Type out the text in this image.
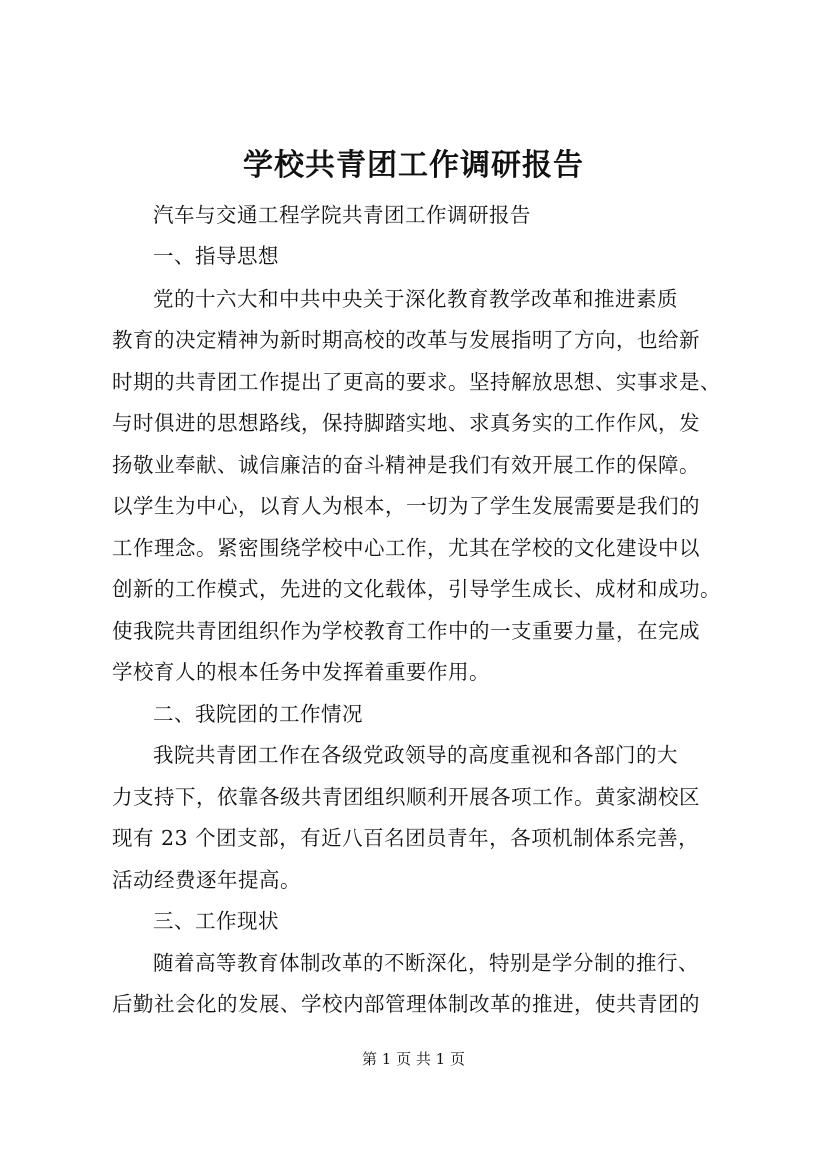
学校共青团工作调研报告
汽车与交通工程学院共青团工作调研报告
一、指导思想
党的十六大和中共中央关于深化教育教学改革和推进素质
教育的决定精神为新时期高校的改革与发展指明了方向，也给新
时期的共青团工作提出了更高的要求。坚持解放思想、实事求是、
与时俱进的思想路线，保持脚踏实地、求真务实的工作作风，发
扬敬业奉献、诚信廉洁的奋斗精神是我们有效开展工作的保障。
以学生为中心，以育人为根本，一切为了学生发展需要是我们的
工作理念。紧密围绕学校中心工作，尤其在学校的文化建设中以
创新的工作模式，先进的文化载体，引导学生成长、成材和成功。
使我院共青团组织作为学校教育工作中的一支重要力量，在完成
学校育人的根本任务中发挥着重要作用。
二、我院团的工作情况
我院共青团工作在各级党政领导的高度重视和各部门的大
力支持下，依靠各级共青团组织顺利开展各项工作。黄家湖校区
现有 23 个团支部，有近八百名团员青年，各项机制体系完善，
活动经费逐年提高。
三、工作现状
随着高等教育体制改革的不断深化，特别是学分制的推行、
后勤社会化的发展、学校内部管理体制改革的推进，使共青团的
第 1 页 共 1 页
